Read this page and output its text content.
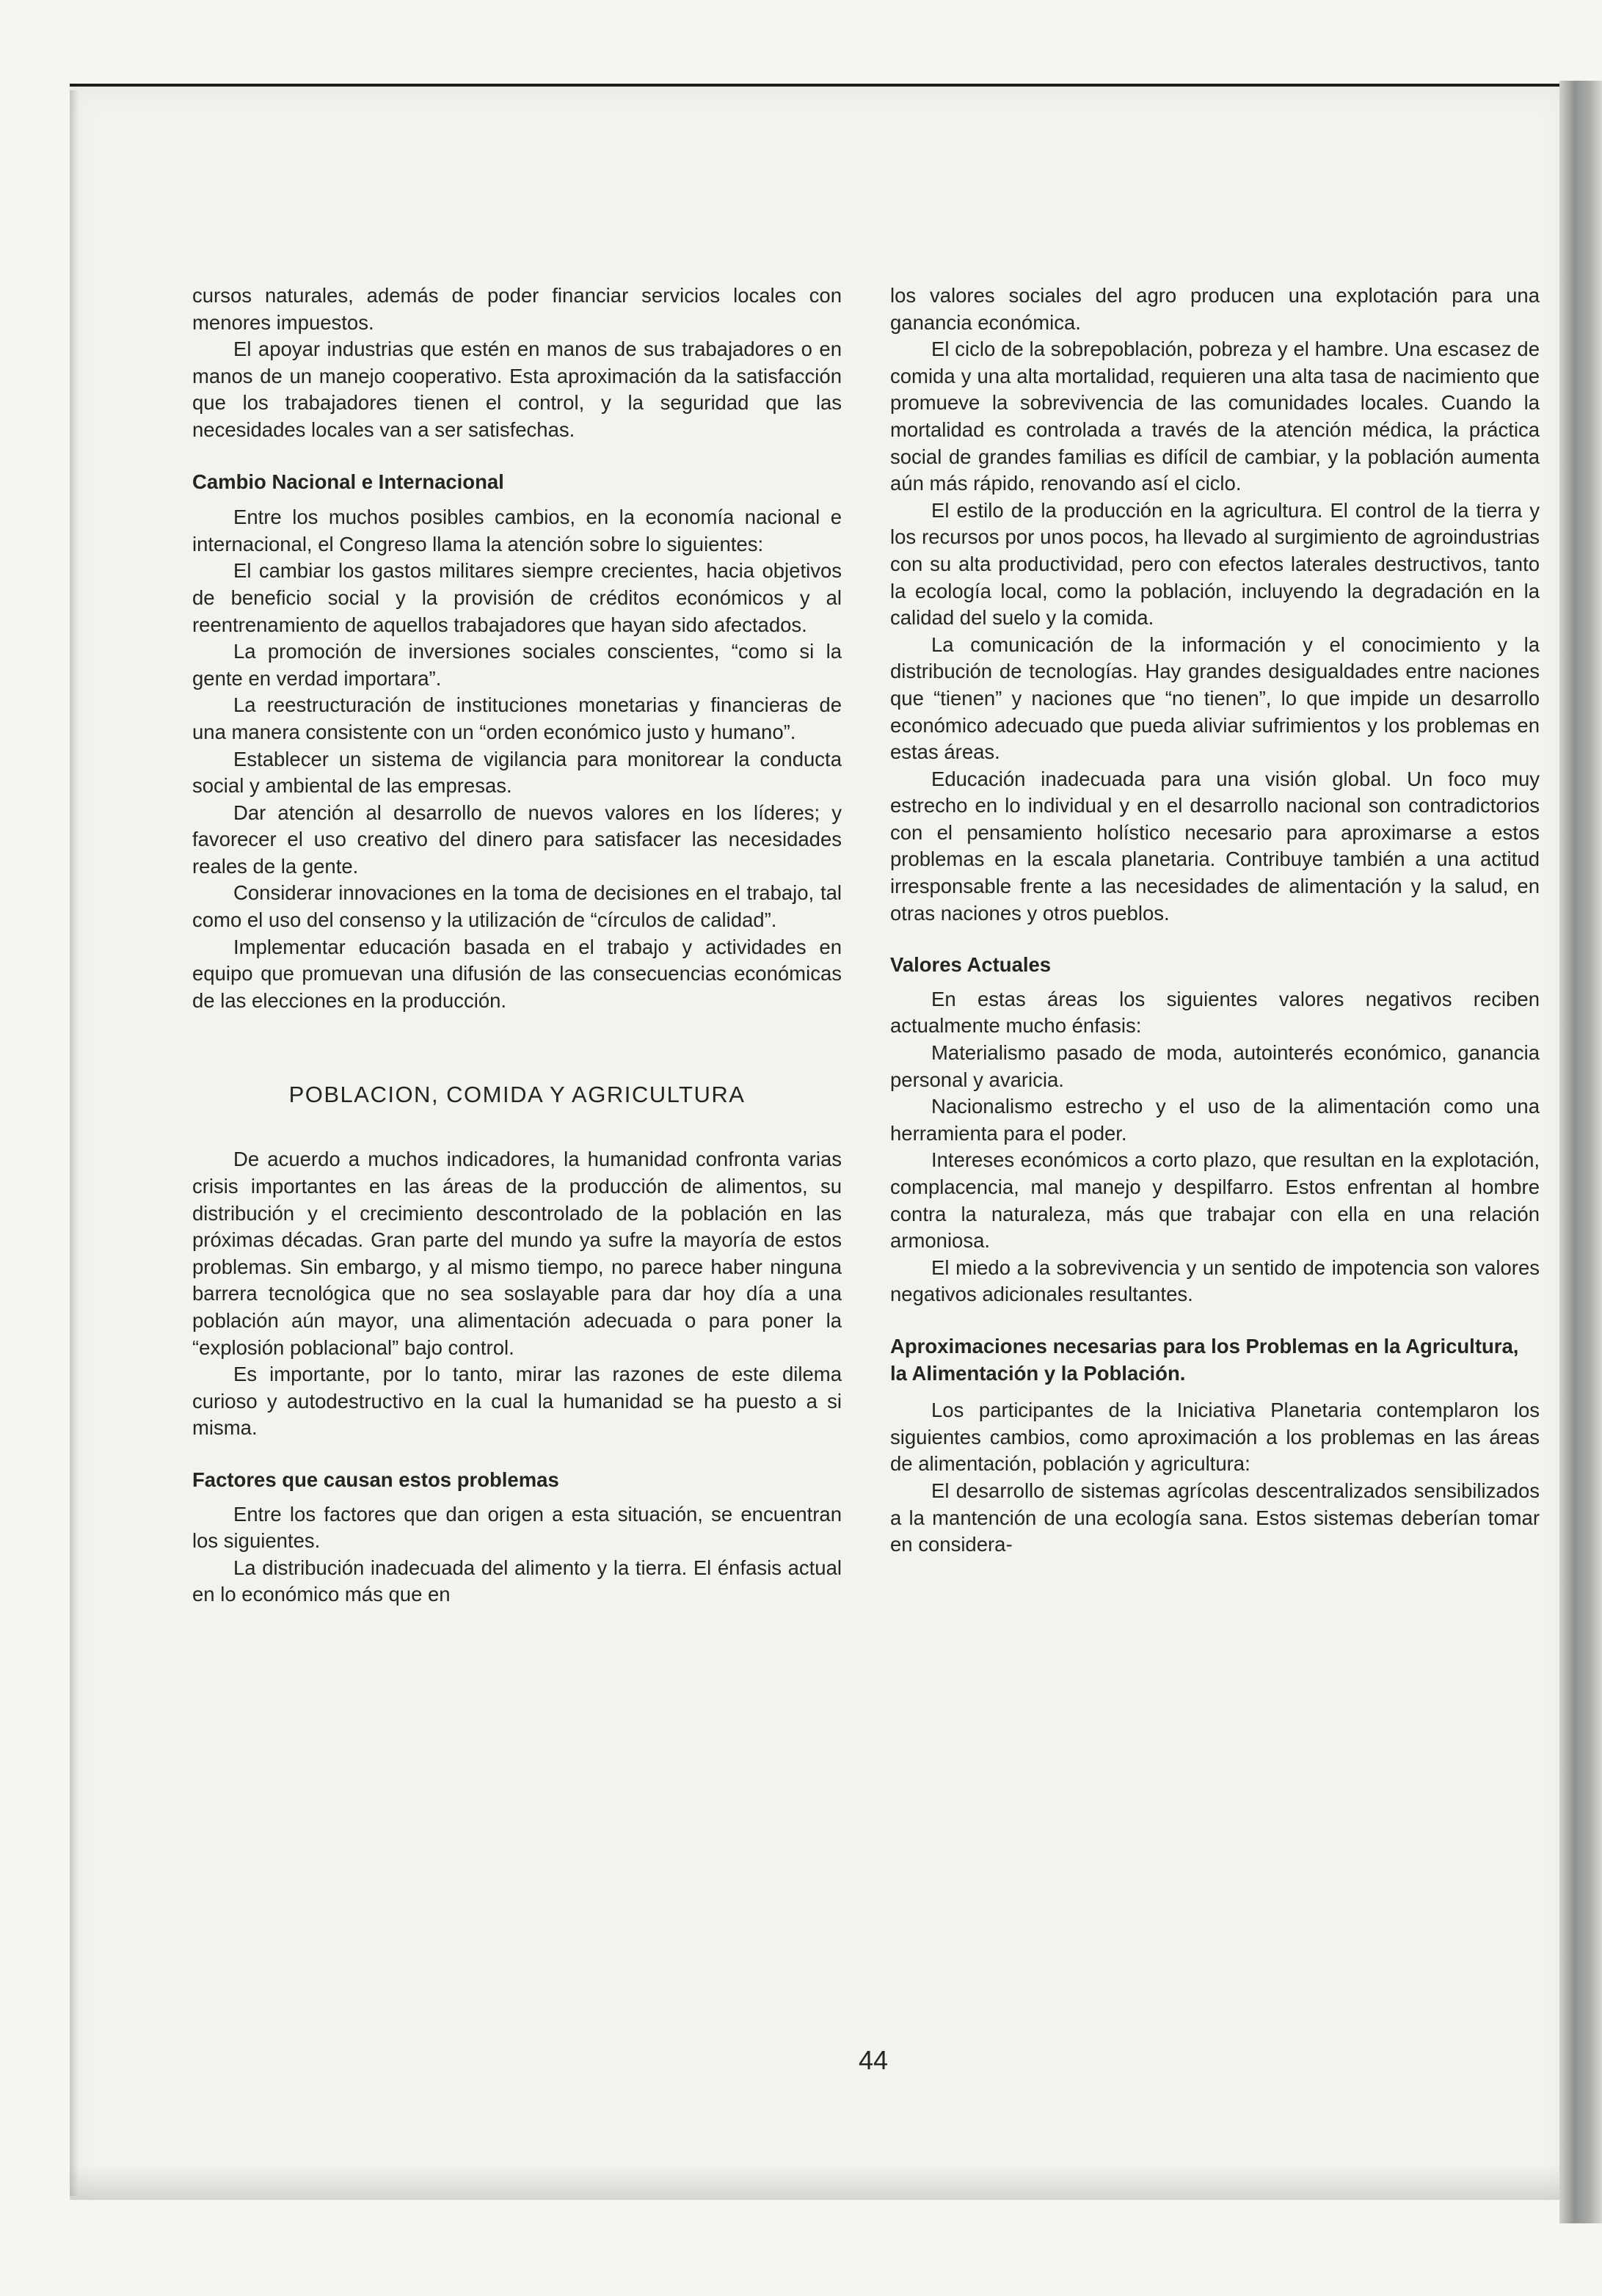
cursos naturales, además de poder financiar servicios locales con menores impuestos.

El apoyar industrias que estén en manos de sus trabajadores o en manos de un manejo cooperativo. Esta aproximación da la satisfacción que los trabajadores tienen el control, y la seguridad que las necesidades locales van a ser satisfechas.

Cambio Nacional e Internacional

Entre los muchos posibles cambios, en la economía nacional e internacional, el Congreso llama la atención sobre lo siguientes:

El cambiar los gastos militares siempre crecientes, hacia objetivos de beneficio social y la provisión de créditos económicos y al reentrenamiento de aquellos trabajadores que hayan sido afectados.

La promoción de inversiones sociales conscientes, “como si la gente en verdad importara”.

La reestructuración de instituciones monetarias y financieras de una manera consistente con un “orden económico justo y humano”.

Establecer un sistema de vigilancia para monitorear la conducta social y ambiental de las empresas.

Dar atención al desarrollo de nuevos valores en los líderes; y favorecer el uso creativo del dinero para satisfacer las necesidades reales de la gente.

Considerar innovaciones en la toma de decisiones en el trabajo, tal como el uso del consenso y la utilización de “círculos de calidad”.

Implementar educación basada en el trabajo y actividades en equipo que promuevan una difusión de las consecuencias económicas de las elecciones en la producción.

POBLACION, COMIDA Y AGRICULTURA

De acuerdo a muchos indicadores, la humanidad confronta varias crisis importantes en las áreas de la producción de alimentos, su distribución y el crecimiento descontrolado de la población en las próximas décadas. Gran parte del mundo ya sufre la mayoría de estos problemas. Sin embargo, y al mismo tiempo, no parece haber ninguna barrera tecnológica que no sea soslayable para dar hoy día a una población aún mayor, una alimentación adecuada o para poner la “explosión poblacional” bajo control.

Es importante, por lo tanto, mirar las razones de este dilema curioso y autodestructivo en la cual la humanidad se ha puesto a si misma.

Factores que causan estos problemas

Entre los factores que dan origen a esta situación, se encuentran los siguientes.

La distribución inadecuada del alimento y la tierra. El énfasis actual en lo económico más que en

los valores sociales del agro producen una explotación para una ganancia económica.

El ciclo de la sobrepoblación, pobreza y el hambre. Una escasez de comida y una alta mortalidad, requieren una alta tasa de nacimiento que promueve la sobrevivencia de las comunidades locales. Cuando la mortalidad es controlada a través de la atención médica, la práctica social de grandes familias es difícil de cambiar, y la población aumenta aún más rápido, renovando así el ciclo.

El estilo de la producción en la agricultura. El control de la tierra y los recursos por unos pocos, ha llevado al surgimiento de agroindustrias con su alta productividad, pero con efectos laterales destructivos, tanto la ecología local, como la población, incluyendo la degradación en la calidad del suelo y la comida.

La comunicación de la información y el conocimiento y la distribución de tecnologías. Hay grandes desigualdades entre naciones que “tienen” y naciones que “no tienen”, lo que impide un desarrollo económico adecuado que pueda aliviar sufrimientos y los problemas en estas áreas.

Educación inadecuada para una visión global. Un foco muy estrecho en lo individual y en el desarrollo nacional son contradictorios con el pensamiento holístico necesario para aproximarse a estos problemas en la escala planetaria. Contribuye también a una actitud irresponsable frente a las necesidades de alimentación y la salud, en otras naciones y otros pueblos.

Valores Actuales

En estas áreas los siguientes valores negativos reciben actualmente mucho énfasis:

Materialismo pasado de moda, autointerés económico, ganancia personal y avaricia.

Nacionalismo estrecho y el uso de la alimentación como una herramienta para el poder.

Intereses económicos a corto plazo, que resultan en la explotación, complacencia, mal manejo y despilfarro. Estos enfrentan al hombre contra la naturaleza, más que trabajar con ella en una relación armoniosa.

El miedo a la sobrevivencia y un sentido de impotencia son valores negativos adicionales resultantes.

Aproximaciones necesarias para los Problemas en la Agricultura, la Alimentación y la Población.

Los participantes de la Iniciativa Planetaria contemplaron los siguientes cambios, como aproximación a los problemas en las áreas de alimentación, población y agricultura:

El desarrollo de sistemas agrícolas descentralizados sensibilizados a la mantención de una ecología sana. Estos sistemas deberían tomar en considera-

44
